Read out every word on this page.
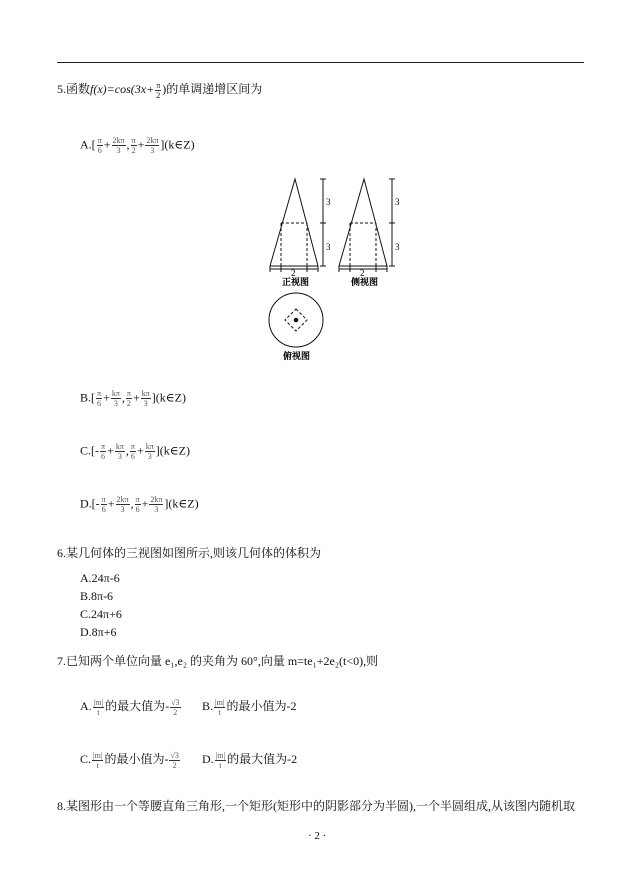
5.函数$f(x)=\cos(3x+ \frac{\pi}{2}$ )的单调递增区间为
$A.[ \frac{\pi}{6} + \frac{2k\pi}{3}$ , $\frac{\pi}{2} + \frac{2k\pi}{3}$ ](k∈Z)
3
3
2
正视图
3
3
2
侧视图
俯视图
$B.[ \frac{\pi}{6} + \frac{k\pi}{3}$ , $\frac{\pi}{2} + \frac{k\pi}{3}$ ](k∈Z)
$C.[- \frac{\pi}{6} + \frac{k\pi}{3}$ , $\frac{\pi}{6} + \frac{k\pi}{3}$ ](k∈Z)
$D.[- \frac{\pi}{6} + \frac{2k\pi}{3}$ , $\frac{\pi}{6} + \frac{2k\pi}{3}$ ](k∈Z)
6.某几何体的三视图如图所示,则该几何体的体积为
A.24π-6
B.8π-6
C.24π+6
D.8π+6
7.已知两个单位向量 e₁,e₂ 的夹角为 60°,向量 m=te₁+2e₂(t<0),则
A. $\frac{|m|}{t}$ 的最大值为- $\frac{√3}{2} B$. $\frac{|m|}{t}$ 的最小值为-2
C. $\frac{|m|}{t}$ 的最小值为- $\frac{√3}{2} D$. $\frac{|m|}{t}$ 的最大值为-2
8.某图形由一个等腰直角三角形,一个矩形(矩形中的阴影部分为半圆),一个半圆组成,从该图内随机取
· 2 ·
